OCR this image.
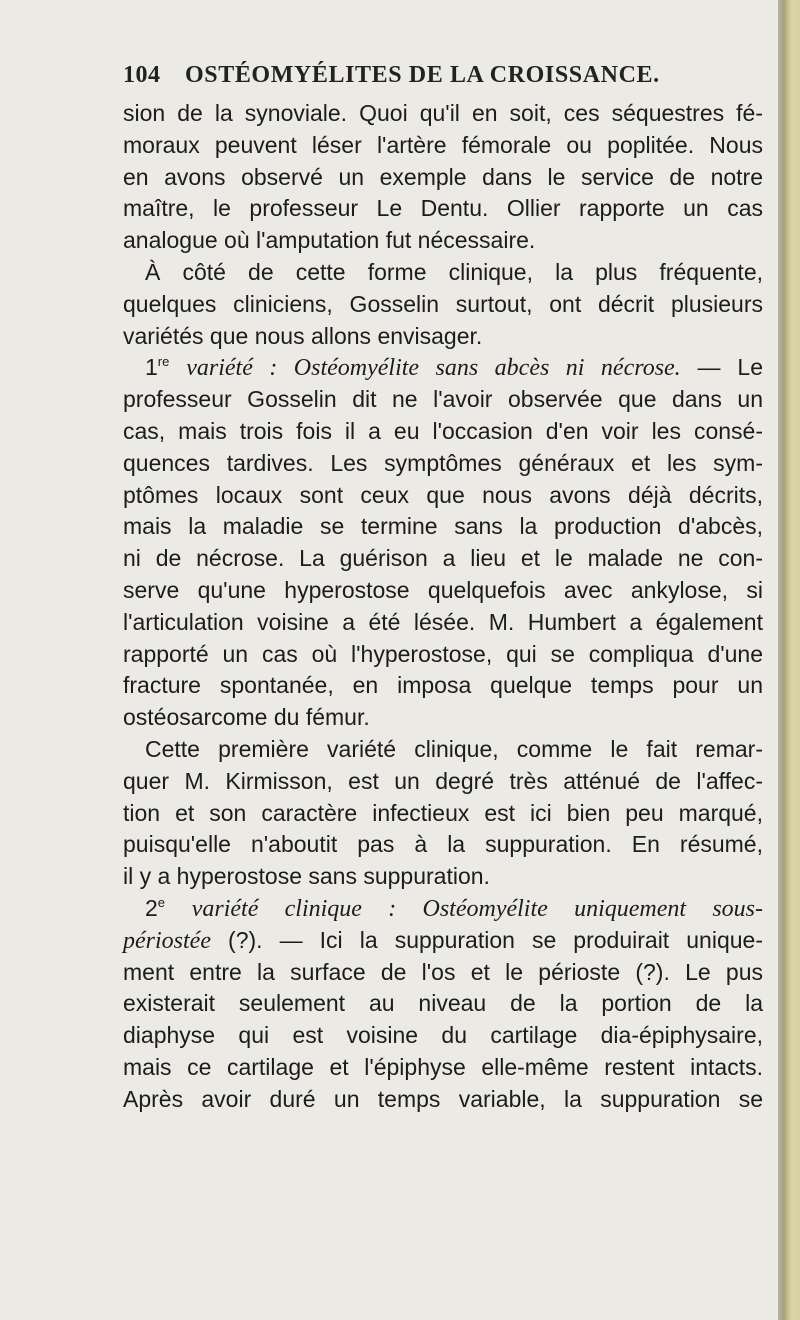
104 OSTÉOMYÉLITES DE LA CROISSANCE.
sion de la synoviale. Quoi qu'il en soit, ces séquestres fé-
moraux peuvent léser l'artère fémorale ou poplitée. Nous
en avons observé un exemple dans le service de notre
maître, le professeur Le Dentu. Ollier rapporte un cas
analogue où l'amputation fut nécessaire.
À côté de cette forme clinique, la plus fréquente,
quelques cliniciens, Gosselin surtout, ont décrit plusieurs
variétés que nous allons envisager.
1re variété : Ostéomyélite sans abcès ni nécrose. — Le
professeur Gosselin dit ne l'avoir observée que dans un
cas, mais trois fois il a eu l'occasion d'en voir les consé-
quences tardives. Les symptômes généraux et les sym-
ptômes locaux sont ceux que nous avons déjà décrits,
mais la maladie se termine sans la production d'abcès,
ni de nécrose. La guérison a lieu et le malade ne con-
serve qu'une hyperostose quelquefois avec ankylose, si
l'articulation voisine a été lésée. M. Humbert a également
rapporté un cas où l'hyperostose, qui se compliqua d'une
fracture spontanée, en imposa quelque temps pour un
ostéosarcome du fémur.
Cette première variété clinique, comme le fait remar-
quer M. Kirmisson, est un degré très atténué de l'affec-
tion et son caractère infectieux est ici bien peu marqué,
puisqu'elle n'aboutit pas à la suppuration. En résumé,
il y a hyperostose sans suppuration.
2e variété clinique : Ostéomyélite uniquement sous-
périostée (?). — Ici la suppuration se produirait unique-
ment entre la surface de l'os et le périoste (?). Le pus
existerait seulement au niveau de la portion de la
diaphyse qui est voisine du cartilage dia-épiphysaire,
mais ce cartilage et l'épiphyse elle-même restent intacts.
Après avoir duré un temps variable, la suppuration se
